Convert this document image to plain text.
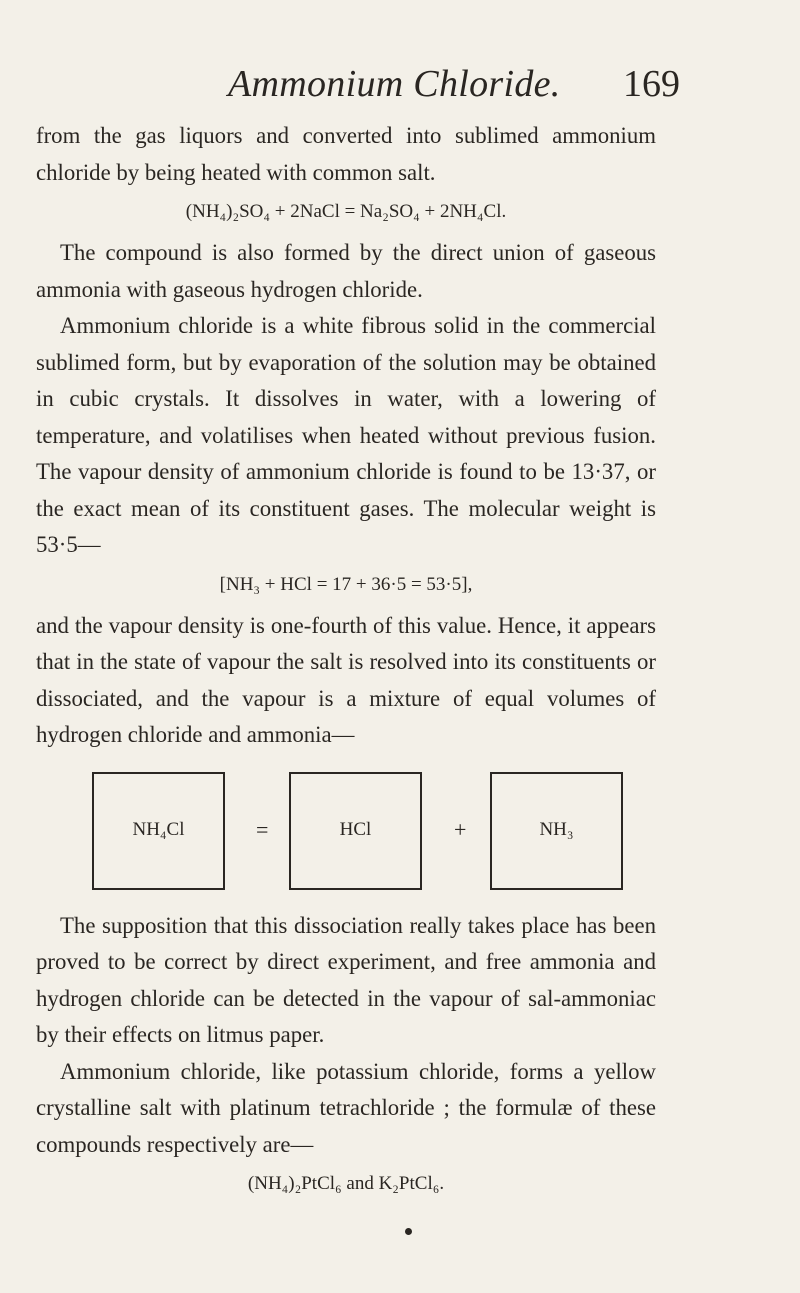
Ammonium Chloride. 169

from the gas liquors and converted into sublimed ammonium chloride by being heated with common salt.

(NH₄)₂SO₄ + 2NaCl = Na₂SO₄ + 2NH₄Cl.

The compound is also formed by the direct union of gaseous ammonia with gaseous hydrogen chloride.

Ammonium chloride is a white fibrous solid in the commercial sublimed form, but by evaporation of the solution may be obtained in cubic crystals. It dissolves in water, with a lowering of temperature, and volatilises when heated without previous fusion. The vapour density of ammonium chloride is found to be 13·37, or the exact mean of its constituent gases. The molecular weight is 53·5—

[NH₃ + HCl = 17 + 36·5 = 53·5],

and the vapour density is one-fourth of this value. Hence, it appears that in the state of vapour the salt is resolved into its constituents or dissociated, and the vapour is a mixture of equal volumes of hydrogen chloride and ammonia—

NH₄Cl	=	HCl	+	NH₃

The supposition that this dissociation really takes place has been proved to be correct by direct experiment, and free ammonia and hydrogen chloride can be detected in the vapour of sal-ammoniac by their effects on litmus paper.

Ammonium chloride, like potassium chloride, forms a yellow crystalline salt with platinum tetrachloride ; the formulæ of these compounds respectively are—

(NH₄)₂PtCl₆ and K₂PtCl₆.
